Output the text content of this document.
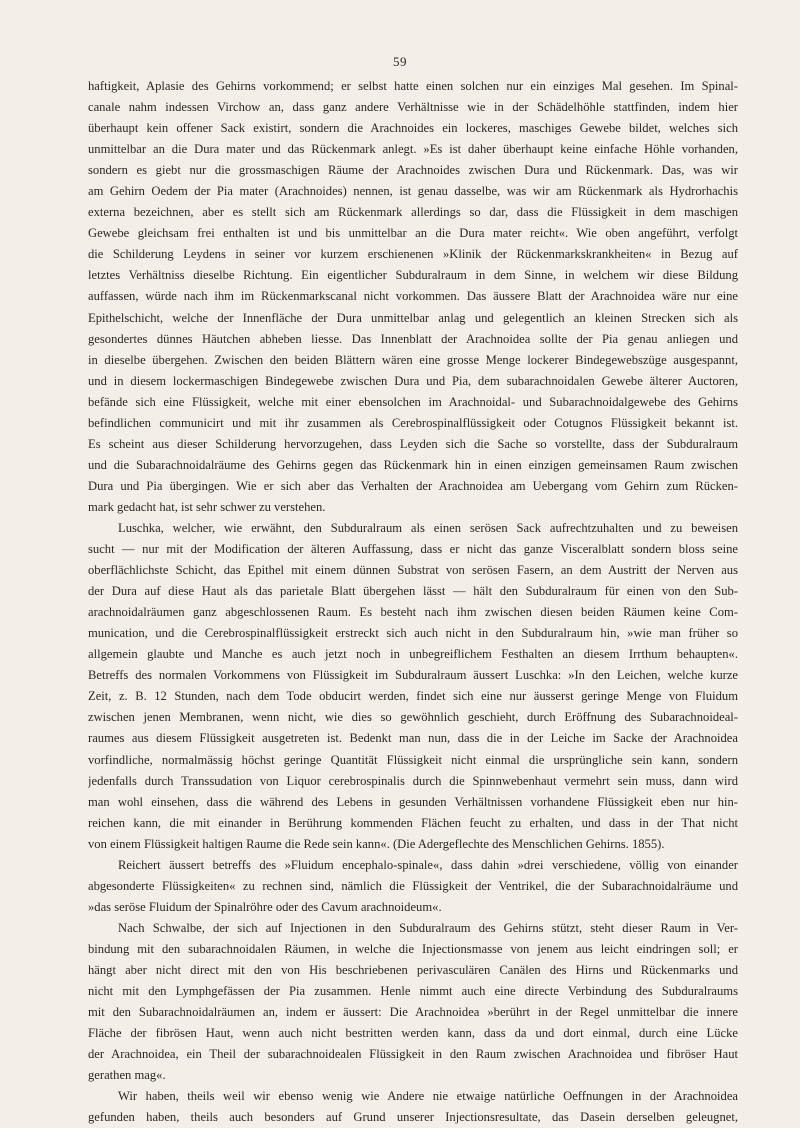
59
haftigkeit, Aplasie des Gehirns vorkommend; er selbst hatte einen solchen nur ein einziges Mal gesehen. Im Spinal-
canale nahm indessen Virchow an, dass ganz andere Verhältnisse wie in der Schädelhöhle stattfinden, indem hier
überhaupt kein offener Sack existirt, sondern die Arachnoides ein lockeres, maschiges Gewebe bildet, welches sich
unmittelbar an die Dura mater und das Rückenmark anlegt. »Es ist daher überhaupt keine einfache Höhle vorhanden,
sondern es giebt nur die grossmaschigen Räume der Arachnoides zwischen Dura und Rückenmark. Das, was wir
am Gehirn Oedem der Pia mater (Arachnoides) nennen, ist genau dasselbe, was wir am Rückenmark als Hydrorhachis
externa bezeichnen, aber es stellt sich am Rückenmark allerdings so dar, dass die Flüssigkeit in dem maschigen
Gewebe gleichsam frei enthalten ist und bis unmittelbar an die Dura mater reicht«. Wie oben angeführt, verfolgt
die Schilderung Leydens in seiner vor kurzem erschienenen »Klinik der Rückenmarkskrankheiten« in Bezug auf
letztes Verhältniss dieselbe Richtung. Ein eigentlicher Subduralraum in dem Sinne, in welchem wir diese Bildung
auffassen, würde nach ihm im Rückenmarkscanal nicht vorkommen. Das äussere Blatt der Arachnoidea wäre nur eine
Epithelschicht, welche der Innenfläche der Dura unmittelbar anlag und gelegentlich an kleinen Strecken sich als
gesondertes dünnes Häutchen abheben liesse. Das Innenblatt der Arachnoidea sollte der Pia genau anliegen und
in dieselbe übergehen. Zwischen den beiden Blättern wären eine grosse Menge lockerer Bindegewebszüge ausgespannt,
und in diesem lockermaschigen Bindegewebe zwischen Dura und Pia, dem subarachnoidalen Gewebe älterer Auctoren,
befände sich eine Flüssigkeit, welche mit einer ebensolchen im Arachnoidal- und Subarachnoidalgewebe des Gehirns
befindlichen communicirt und mit ihr zusammen als Cerebrospinalflüssigkeit oder Cotugnos Flüssigkeit bekannt ist.
Es scheint aus dieser Schilderung hervorzugehen, dass Leyden sich die Sache so vorstellte, dass der Subduralraum
und die Subarachnoidalräume des Gehirns gegen das Rückenmark hin in einen einzigen gemeinsamen Raum zwischen
Dura und Pia übergingen. Wie er sich aber das Verhalten der Arachnoidea am Uebergang vom Gehirn zum Rücken-
mark gedacht hat, ist sehr schwer zu verstehen.
Luschka, welcher, wie erwähnt, den Subduralraum als einen serösen Sack aufrechtzuhalten und zu beweisen
sucht — nur mit der Modification der älteren Auffassung, dass er nicht das ganze Visceralblatt sondern bloss seine
oberflächlichste Schicht, das Epithel mit einem dünnen Substrat von serösen Fasern, an dem Austritt der Nerven aus
der Dura auf diese Haut als das parietale Blatt übergehen lässt — hält den Subduralraum für einen von den Sub-
arachnoidalräumen ganz abgeschlossenen Raum. Es besteht nach ihm zwischen diesen beiden Räumen keine Com-
munication, und die Cerebrospinalflüssigkeit erstreckt sich auch nicht in den Subduralraum hin, »wie man früher so
allgemein glaubte und Manche es auch jetzt noch in unbegreiflichem Festhalten an diesem Irrthum behaupten«.
Betreffs des normalen Vorkommens von Flüssigkeit im Subduralraum äussert Luschka: »In den Leichen, welche kurze
Zeit, z. B. 12 Stunden, nach dem Tode obducirt werden, findet sich eine nur äusserst geringe Menge von Fluidum
zwischen jenen Membranen, wenn nicht, wie dies so gewöhnlich geschieht, durch Eröffnung des Subarachnoideal-
raumes aus diesem Flüssigkeit ausgetreten ist. Bedenkt man nun, dass die in der Leiche im Sacke der Arachnoidea
vorfindliche, normalmässig höchst geringe Quantität Flüssigkeit nicht einmal die ursprüngliche sein kann, sondern
jedenfalls durch Transsudation von Liquor cerebrospinalis durch die Spinnwebenhaut vermehrt sein muss, dann wird
man wohl einsehen, dass die während des Lebens in gesunden Verhältnissen vorhandene Flüssigkeit eben nur hin-
reichen kann, die mit einander in Berührung kommenden Flächen feucht zu erhalten, und dass in der That nicht
von einem Flüssigkeit haltigen Raume die Rede sein kann«. (Die Adergeflechte des Menschlichen Gehirns. 1855).
Reichert äussert betreffs des »Fluidum encephalo-spinale«, dass dahin »drei verschiedene, völlig von einander
abgesonderte Flüssigkeiten« zu rechnen sind, nämlich die Flüssigkeit der Ventrikel, die der Subarachnoidalräume und
»das seröse Fluidum der Spinalröhre oder des Cavum arachnoideum«.
Nach Schwalbe, der sich auf Injectionen in den Subduralraum des Gehirns stützt, steht dieser Raum in Ver-
bindung mit den subarachnoidalen Räumen, in welche die Injectionsmasse von jenem aus leicht eindringen soll; er
hängt aber nicht direct mit den von His beschriebenen perivasculären Canälen des Hirns und Rückenmarks und
nicht mit den Lymphgefässen der Pia zusammen. Henle nimmt auch eine directe Verbindung des Subduralraums
mit den Subarachnoidalräumen an, indem er äussert: Die Arachnoidea »berührt in der Regel unmittelbar die innere
Fläche der fibrösen Haut, wenn auch nicht bestritten werden kann, dass da und dort einmal, durch eine Lücke
der Arachnoidea, ein Theil der subarachnoidealen Flüssigkeit in den Raum zwischen Arachnoidea und fibröser Haut
gerathen mag«.
Wir haben, theils weil wir ebenso wenig wie Andere nie etwaige natürliche Oeffnungen in der Arachnoidea
gefunden haben, theils auch besonders auf Grund unserer Injectionsresultate, das Dasein derselben geleugnet,
